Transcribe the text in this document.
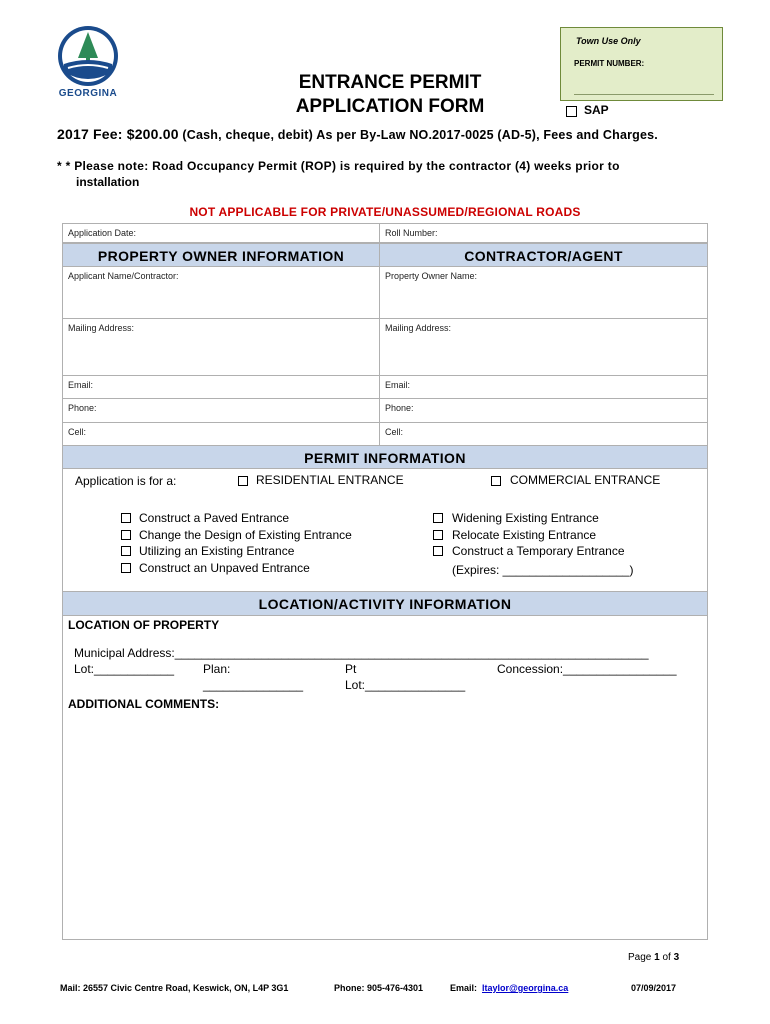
GEORGINA
ENTRANCE PERMIT
APPLICATION FORM
Town Use Only
PERMIT NUMBER:
SAP
2017 Fee: $200.00 (Cash, cheque, debit) As per By-Law NO.2017-0025 (AD-5), Fees and Charges.
* * Please note: Road Occupancy Permit (ROP) is required by the contractor (4) weeks prior to
installation
NOT APPLICABLE FOR PRIVATE/UNASSUMED/REGIONAL ROADS
Application Date:	Roll Number:
PROPERTY OWNER INFORMATION	CONTRACTOR/AGENT
Applicant Name/Contractor:	Property Owner Name:
Mailing Address:	Mailing Address:
Email:	Email:
Phone:	Phone:
Cell:	Cell:
PERMIT INFORMATION
Application is for a:	RESIDENTIAL ENTRANCE	COMMERCIAL ENTRANCE
Construct a Paved Entrance
Change the Design of Existing Entrance
Utilizing an Existing Entrance
Construct an Unpaved Entrance
Widening Existing Entrance
Relocate Existing Entrance
Construct a Temporary Entrance
(Expires: ___________________)
LOCATION/ACTIVITY INFORMATION
LOCATION OF PROPERTY
Municipal Address:_______________________________________________________________________
Lot:____________ Plan:
_______________
Pt
Lot:_______________
Concession:_________________
ADDITIONAL COMMENTS:
Page 1 of 3
Mail: 26557 Civic Centre Road, Keswick, ON, L4P 3G1	Phone: 905-476-4301	Email: ltaylor@georgina.ca	07/09/2017
